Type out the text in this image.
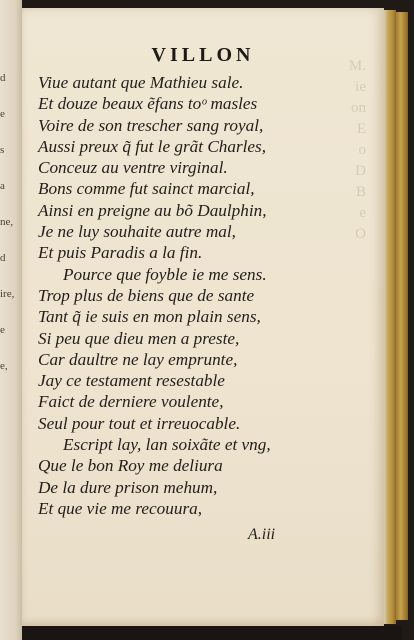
d
e
s
a
ne,
d
ire,
e
e,
M.
ie
on
E
o
D
B
e
O
VILLON
Viue autant que Mathieu sale.
Et douze beaux ẽfans toᵒ masles
Voire de son trescher sang royal,
Aussi preux q̃ fut le grãt Charles,
Conceuz au ventre virginal.
Bons comme fut sainct marcial,
Ainsi en preigne au bõ Daulphin,
Je ne luy souhaite autre mal,
Et puis Paradis a la fin.
Pource que foyble ie me sens.
Trop plus de biens que de sante
Tant q̃ ie suis en mon plain sens,
Si peu que dieu men a preste,
Car daultre ne lay emprunte,
Jay ce testament resestable
Faict de derniere voulente,
Seul pour tout et irreuocable.
Escript lay, lan soixãte et vng,
Que le bon Roy me deliura
De la dure prison mehum,
Et que vie me recouura,
A.iii
